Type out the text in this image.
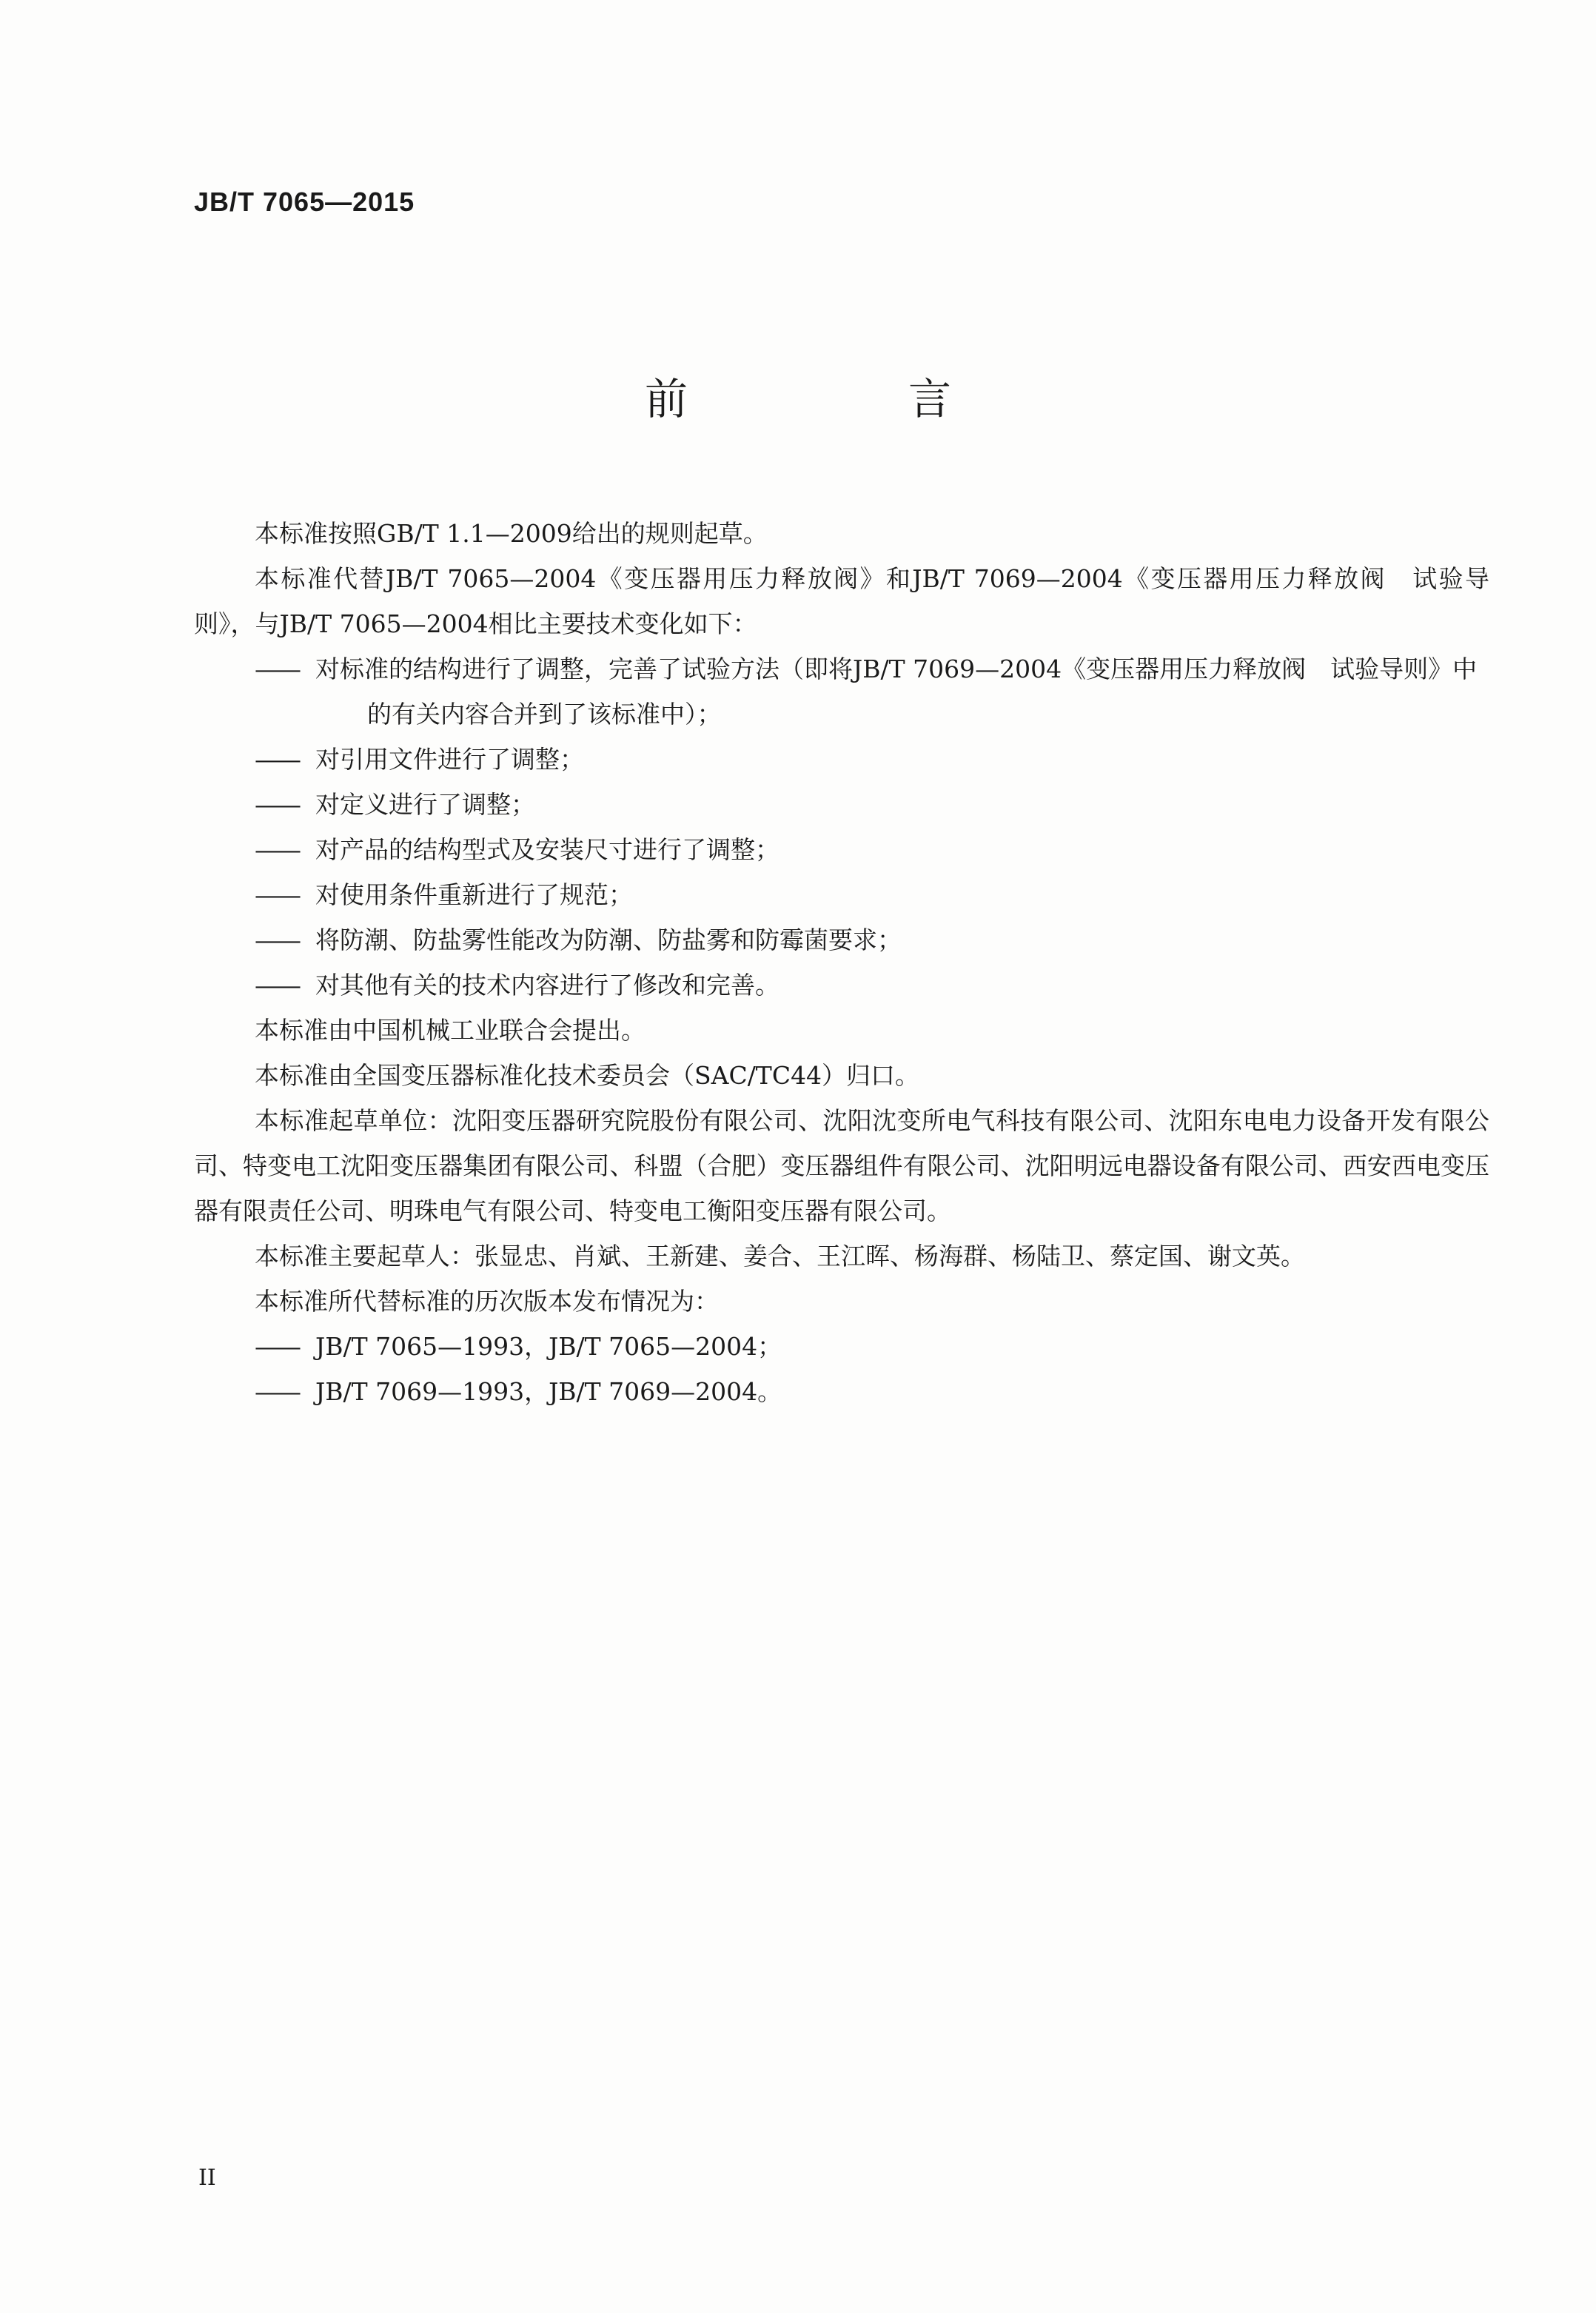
JB/T 7065—2015
前　言
本标准按照GB/T 1.1—2009给出的规则起草。
本标准代替JB/T 7065—2004《变压器用压力释放阀》和JB/T 7069—2004《变压器用压力释放阀　试验导则》，与JB/T 7065—2004相比主要技术变化如下：
—— 对标准的结构进行了调整，完善了试验方法（即将JB/T 7069—2004《变压器用压力释放阀　试验导则》中的有关内容合并到了该标准中）；
—— 对引用文件进行了调整；
—— 对定义进行了调整；
—— 对产品的结构型式及安装尺寸进行了调整；
—— 对使用条件重新进行了规范；
—— 将防潮、防盐雾性能改为防潮、防盐雾和防霉菌要求；
—— 对其他有关的技术内容进行了修改和完善。
本标准由中国机械工业联合会提出。
本标准由全国变压器标准化技术委员会（SAC/TC44）归口。
本标准起草单位：沈阳变压器研究院股份有限公司、沈阳沈变所电气科技有限公司、沈阳东电电力设备开发有限公司、特变电工沈阳变压器集团有限公司、科盟（合肥）变压器组件有限公司、沈阳明远电器设备有限公司、西安西电变压器有限责任公司、明珠电气有限公司、特变电工衡阳变压器有限公司。
本标准主要起草人：张显忠、肖斌、王新建、姜合、王江晖、杨海群、杨陆卫、蔡定国、谢文英。
本标准所代替标准的历次版本发布情况为：
—— JB/T 7065—1993，JB/T 7065—2004；
—— JB/T 7069—1993，JB/T 7069—2004。
II
